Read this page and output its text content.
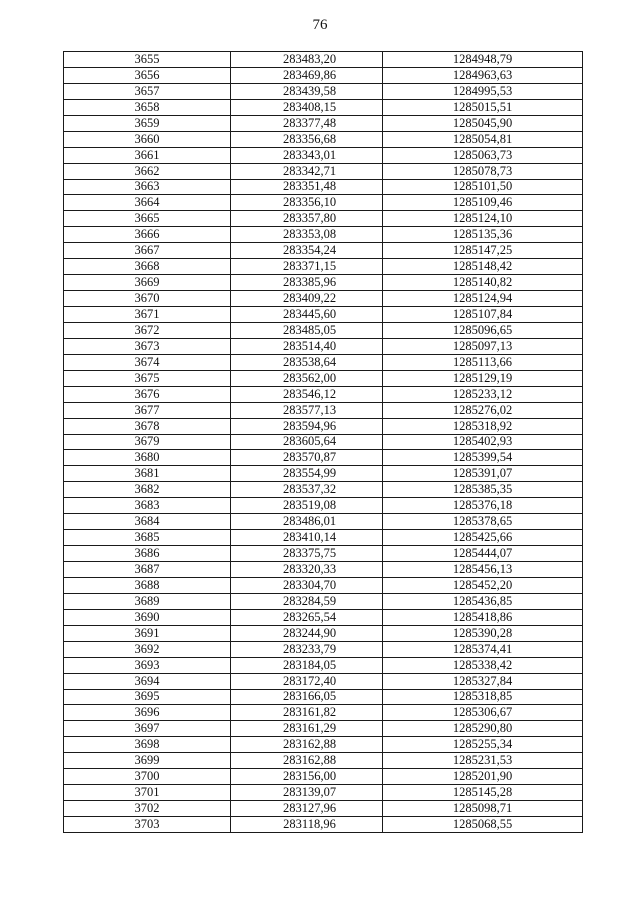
76
3655	283483,20	1284948,79
3656	283469,86	1284963,63
3657	283439,58	1284995,53
3658	283408,15	1285015,51
3659	283377,48	1285045,90
3660	283356,68	1285054,81
3661	283343,01	1285063,73
3662	283342,71	1285078,73
3663	283351,48	1285101,50
3664	283356,10	1285109,46
3665	283357,80	1285124,10
3666	283353,08	1285135,36
3667	283354,24	1285147,25
3668	283371,15	1285148,42
3669	283385,96	1285140,82
3670	283409,22	1285124,94
3671	283445,60	1285107,84
3672	283485,05	1285096,65
3673	283514,40	1285097,13
3674	283538,64	1285113,66
3675	283562,00	1285129,19
3676	283546,12	1285233,12
3677	283577,13	1285276,02
3678	283594,96	1285318,92
3679	283605,64	1285402,93
3680	283570,87	1285399,54
3681	283554,99	1285391,07
3682	283537,32	1285385,35
3683	283519,08	1285376,18
3684	283486,01	1285378,65
3685	283410,14	1285425,66
3686	283375,75	1285444,07
3687	283320,33	1285456,13
3688	283304,70	1285452,20
3689	283284,59	1285436,85
3690	283265,54	1285418,86
3691	283244,90	1285390,28
3692	283233,79	1285374,41
3693	283184,05	1285338,42
3694	283172,40	1285327,84
3695	283166,05	1285318,85
3696	283161,82	1285306,67
3697	283161,29	1285290,80
3698	283162,88	1285255,34
3699	283162,88	1285231,53
3700	283156,00	1285201,90
3701	283139,07	1285145,28
3702	283127,96	1285098,71
3703	283118,96	1285068,55
